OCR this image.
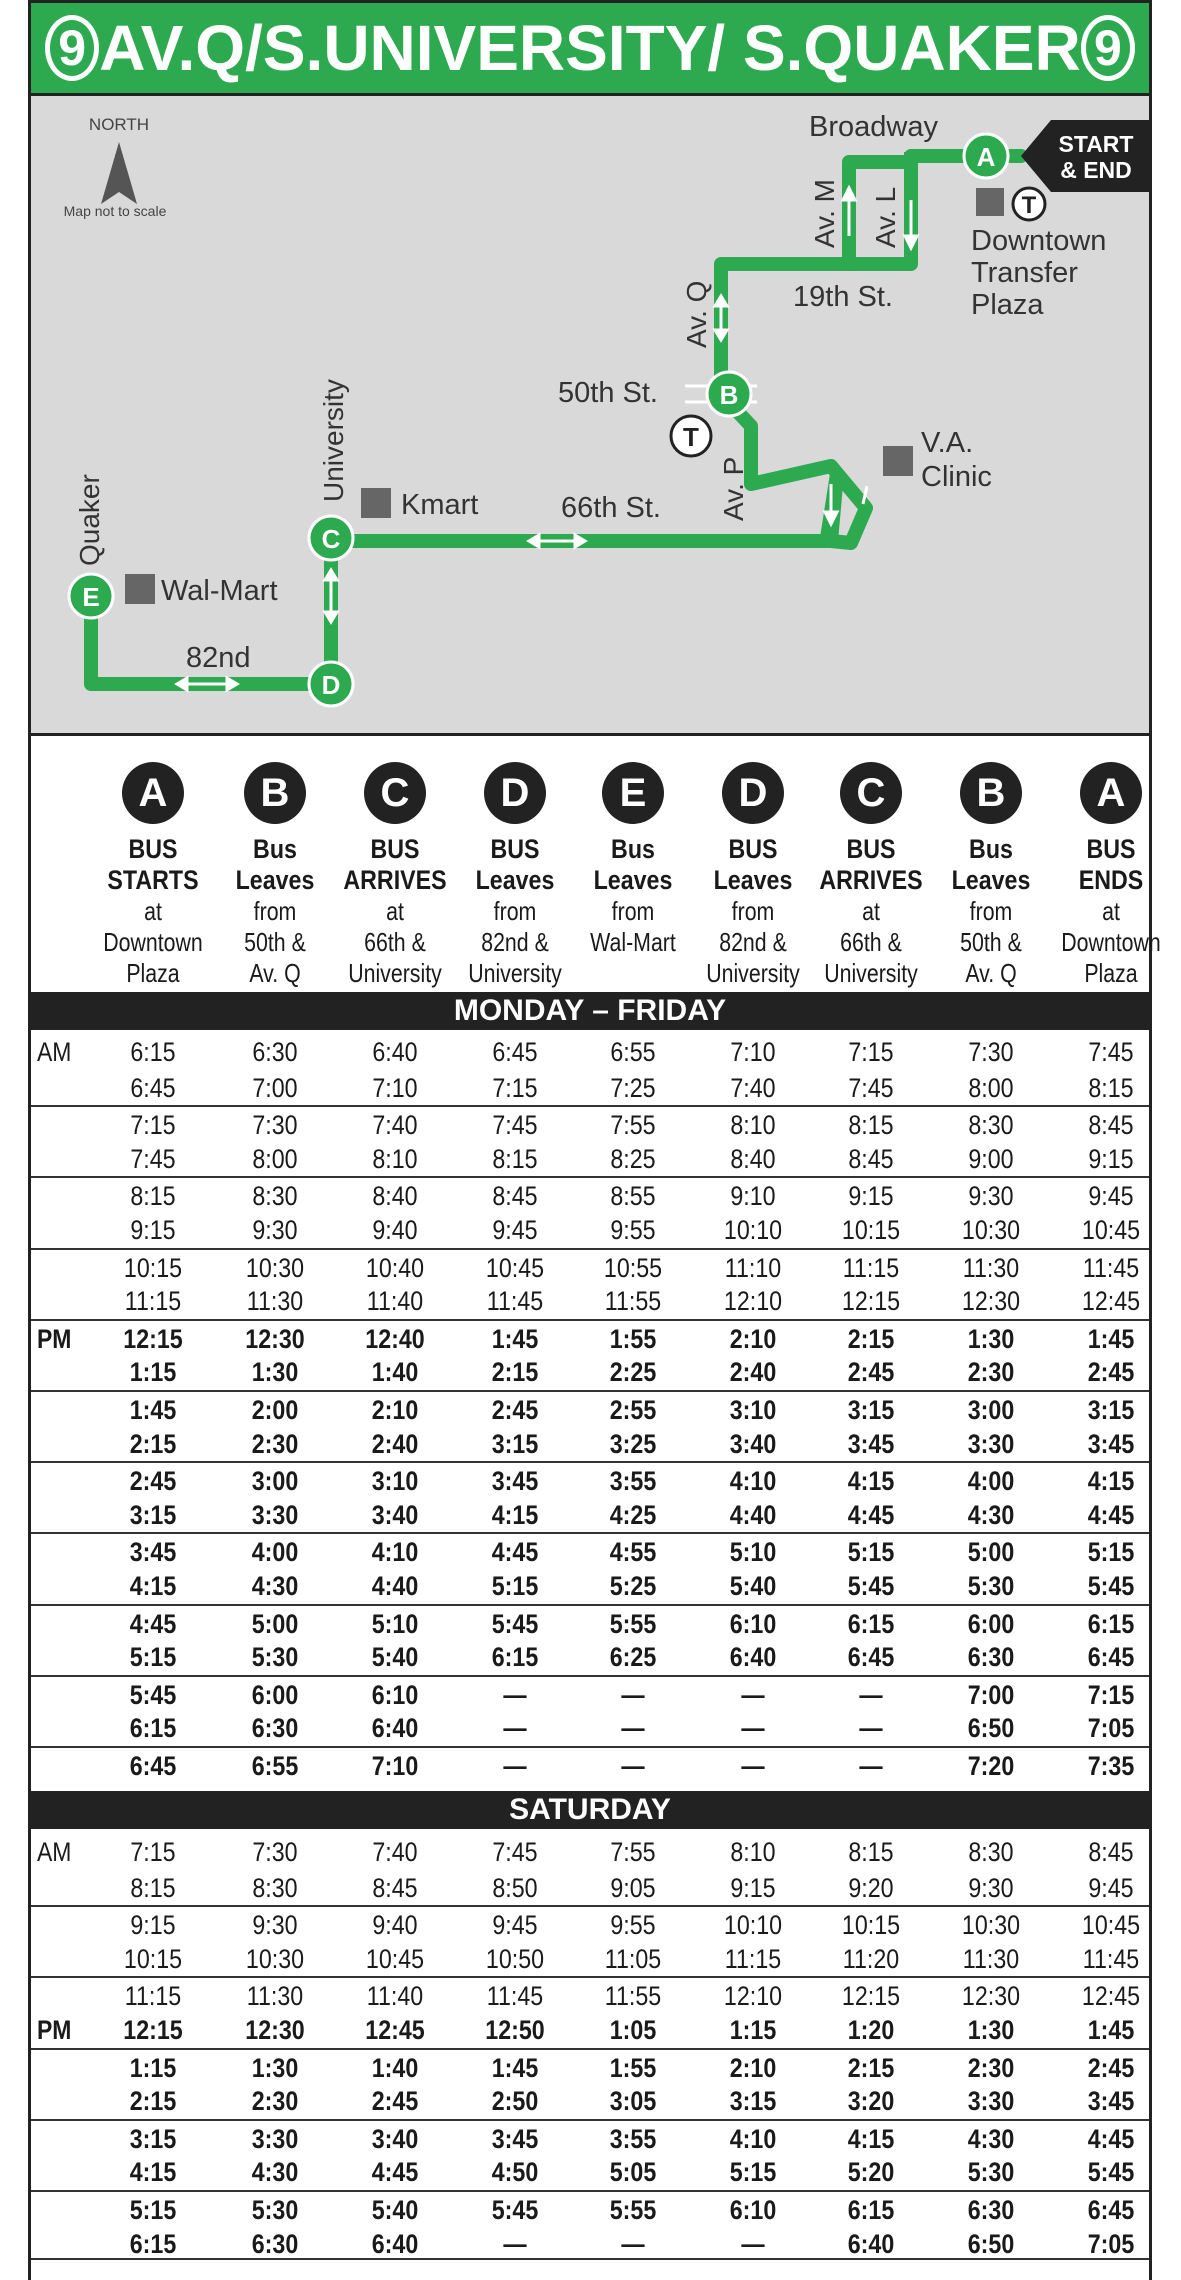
9 AV.Q/S.UNIVERSITY/ S.QUAKER 9
NORTH
Map not to scale
Broadway
Av. M Av. L
19th St.
Av. Q
50th St.
Av. P
66th St.
University
Quaker
82nd
T
Downtown
Transfer
Plaza
V.A.
Clinic
T
Kmart
Wal-Mart
START
& END
A
B
C
D
E
A
BUS
STARTS
at
Downtown
Plaza
B
Bus
Leaves
from
50th &
Av. Q
C
BUS
ARRIVES
at
66th &
University
D
BUS
Leaves
from
82nd &
University
E
Bus
Leaves
from
Wal-Mart
D
BUS
Leaves
from
82nd &
University
C
BUS
ARRIVES
at
66th &
University
B
Bus
Leaves
from
50th &
Av. Q
A
BUS
ENDS
at
Downtown
Plaza
MONDAY – FRIDAY
AM	6:15	6:30	6:40	6:45	6:55	7:10	7:15	7:30	7:45
6:45	7:00	7:10	7:15	7:25	7:40	7:45	8:00	8:15
7:15	7:30	7:40	7:45	7:55	8:10	8:15	8:30	8:45
7:45	8:00	8:10	8:15	8:25	8:40	8:45	9:00	9:15
8:15	8:30	8:40	8:45	8:55	9:10	9:15	9:30	9:45
9:15	9:30	9:40	9:45	9:55	10:10	10:15	10:30	10:45
10:15	10:30	10:40	10:45	10:55	11:10	11:15	11:30	11:45
11:15	11:30	11:40	11:45	11:55	12:10	12:15	12:30	12:45
PM	12:15	12:30	12:40	1:45	1:55	2:10	2:15	1:30	1:45
1:15	1:30	1:40	2:15	2:25	2:40	2:45	2:30	2:45
1:45	2:00	2:10	2:45	2:55	3:10	3:15	3:00	3:15
2:15	2:30	2:40	3:15	3:25	3:40	3:45	3:30	3:45
2:45	3:00	3:10	3:45	3:55	4:10	4:15	4:00	4:15
3:15	3:30	3:40	4:15	4:25	4:40	4:45	4:30	4:45
3:45	4:00	4:10	4:45	4:55	5:10	5:15	5:00	5:15
4:15	4:30	4:40	5:15	5:25	5:40	5:45	5:30	5:45
4:45	5:00	5:10	5:45	5:55	6:10	6:15	6:00	6:15
5:15	5:30	5:40	6:15	6:25	6:40	6:45	6:30	6:45
5:45	6:00	6:10	—	—	—	—	7:00	7:15
6:15	6:30	6:40	—	—	—	—	6:50	7:05
6:45	6:55	7:10	—	—	—	—	7:20	7:35
SATURDAY
AM	7:15	7:30	7:40	7:45	7:55	8:10	8:15	8:30	8:45
8:15	8:30	8:45	8:50	9:05	9:15	9:20	9:30	9:45
9:15	9:30	9:40	9:45	9:55	10:10	10:15	10:30	10:45
10:15	10:30	10:45	10:50	11:05	11:15	11:20	11:30	11:45
11:15	11:30	11:40	11:45	11:55	12:10	12:15	12:30	12:45
PM	12:15	12:30	12:45	12:50	1:05	1:15	1:20	1:30	1:45
1:15	1:30	1:40	1:45	1:55	2:10	2:15	2:30	2:45
2:15	2:30	2:45	2:50	3:05	3:15	3:20	3:30	3:45
3:15	3:30	3:40	3:45	3:55	4:10	4:15	4:30	4:45
4:15	4:30	4:45	4:50	5:05	5:15	5:20	5:30	5:45
5:15	5:30	5:40	5:45	5:55	6:10	6:15	6:30	6:45
6:15	6:30	6:40	—	—	—	6:40	6:50	7:05
